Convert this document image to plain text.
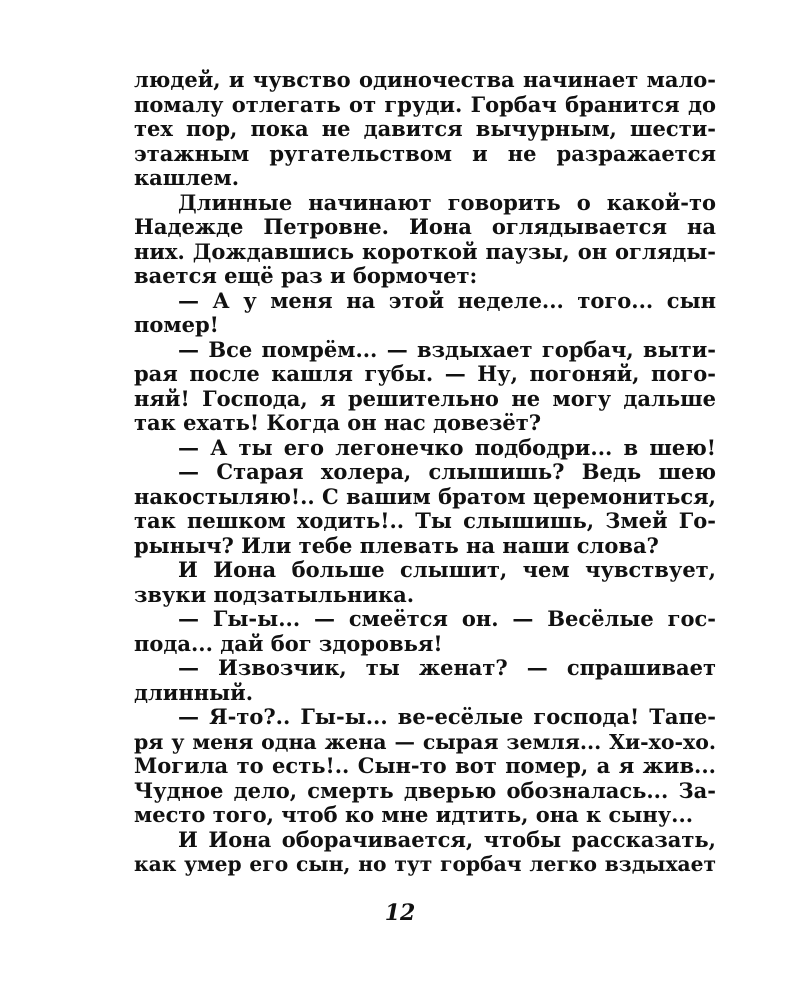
людей, и чувство одиночества начинает мало-
помалу отлегать от груди. Горбач бранится до
тех пор, пока не давится вычурным, шести-
этажным ругательством и не разражается
кашлем.
Длинные начинают говорить о какой-то
Надежде Петровне. Иона оглядывается на
них. Дождавшись короткой паузы, он огляды-
вается ещё раз и бормочет:
— А у меня на этой неделе... того... сын
помер!
— Все помрём... — вздыхает горбач, выти-
рая после кашля губы. — Ну, погоняй, пого-
няй! Господа, я решительно не могу дальше
так ехать! Когда он нас довезёт?
— А ты его легонечко подбодри... в шею!
— Старая холера, слышишь? Ведь шею
накостыляю!.. С вашим братом церемониться,
так пешком ходить!.. Ты слышишь, Змей Го-
рыныч? Или тебе плевать на наши слова?
И Иона больше слышит, чем чувствует,
звуки подзатыльника.
— Гы-ы... — смеётся он. — Весёлые гос-
пода... дай бог здоровья!
— Извозчик, ты женат? — спрашивает
длинный.
— Я-то?.. Гы-ы... ве-есёлые господа! Тапе-
ря у меня одна жена — сырая земля... Хи-хо-хо.
Могила то есть!.. Сын-то вот помер, а я жив...
Чудное дело, смерть дверью обозналась... За-
место того, чтоб ко мне идтить, она к сыну...
И Иона оборачивается, чтобы рассказать,
как умер его сын, но тут горбач легко вздыхает
12
